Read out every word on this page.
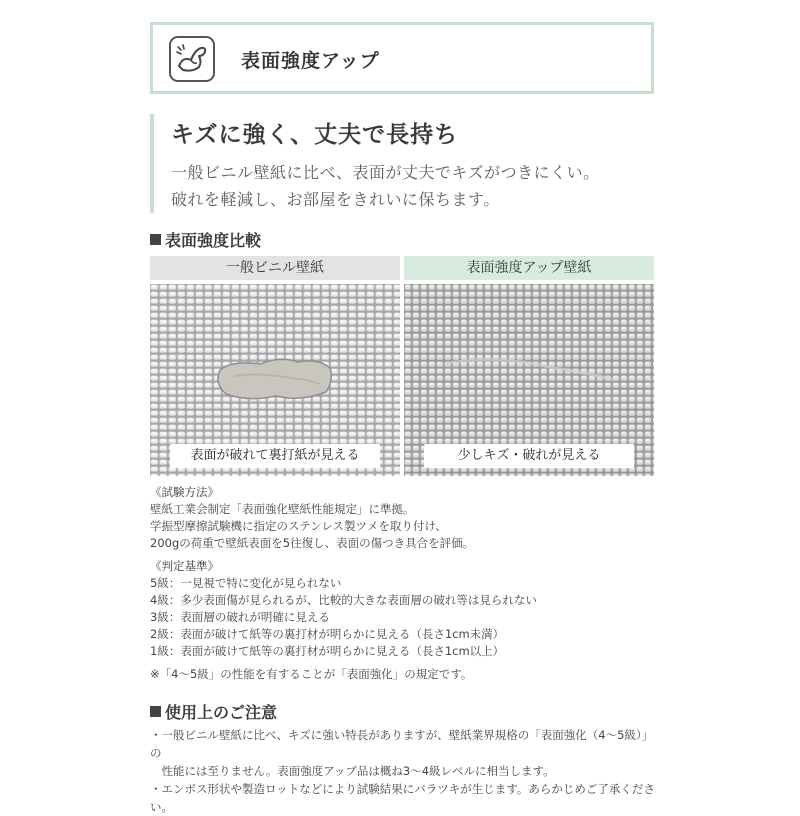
表面強度アップ
キズに強く、丈夫で長持ち
一般ビニル壁紙に比べ、表面が丈夫でキズがつきにくい。
破れを軽減し、お部屋をきれいに保ちます。
表面強度比較
一般ビニル壁紙	表面強度アップ壁紙
表面が破れて裏打紙が見える	少しキズ・破れが見える

《試験方法》

壁紙工業会制定「表面強化壁紙性能規定」に準拠。

学振型摩擦試験機に指定のステンレス製ツメを取り付け、

200gの荷重で壁紙表面を5往復し、表面の傷つき具合を評価。

《判定基準》

5級：一見視で特に変化が見られない

4級：多少表面傷が見られるが、比較的大きな表面層の破れ等は見られない

3級：表面層の破れが明確に見える

2級：表面が破けて紙等の裏打材が明らかに見える（長さ1cm未満）

1級：表面が破けて紙等の裏打材が明らかに見える（長さ1cm以上）

※「4〜5級」の性能を有することが「表面強化」の規定です。

使用上のご注意

・一般ビニル壁紙に比べ、キズに強い特長がありますが、壁紙業界規格の「表面強化（4〜5級）」の

　性能には至りません。表面強度アップ品は概ね3〜4級レベルに相当します。

・エンボス形状や製造ロットなどにより試験結果にバラツキが生じます。あらかじめご了承ください。
